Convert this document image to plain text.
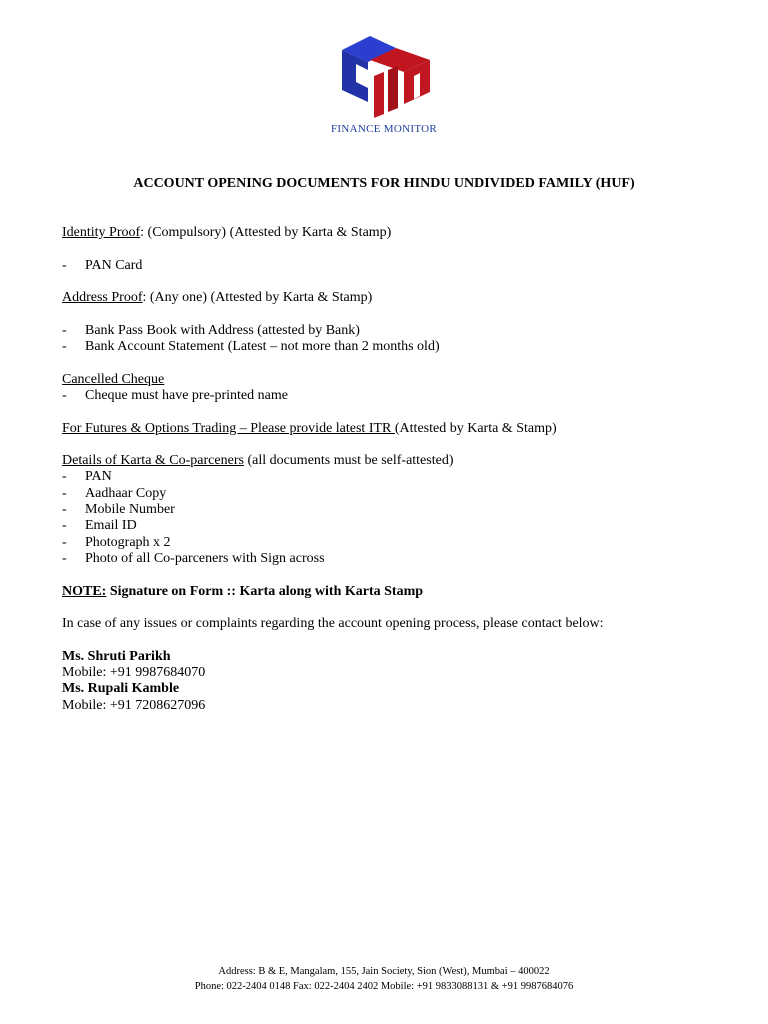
FINANCE MONITOR
ACCOUNT OPENING DOCUMENTS FOR HINDU UNDIVIDED FAMILY (HUF)

Identity Proof: (Compulsory) (Attested by Karta & Stamp)

- PAN Card

Address Proof: (Any one) (Attested by Karta & Stamp)

- Bank Pass Book with Address (attested by Bank)
- Bank Account Statement (Latest – not more than 2 months old)

Cancelled Cheque

- Cheque must have pre-printed name

For Futures & Options Trading – Please provide latest ITR (Attested by Karta & Stamp)

Details of Karta & Co-parceners (all documents must be self-attested)

- PAN
- Aadhaar Copy
- Mobile Number
- Email ID
- Photograph x 2
- Photo of all Co-parceners with Sign across

NOTE: Signature on Form :: Karta along with Karta Stamp

In case of any issues or complaints regarding the account opening process, please contact below:

Ms. Shruti Parikh

Mobile: +91 9987684070

Ms. Rupali Kamble

Mobile: +91 7208627096

Address: B & E, Mangalam, 155, Jain Society, Sion (West), Mumbai – 400022
Phone: 022-2404 0148 Fax: 022-2404 2402 Mobile: +91 9833088131 & +91 9987684076
